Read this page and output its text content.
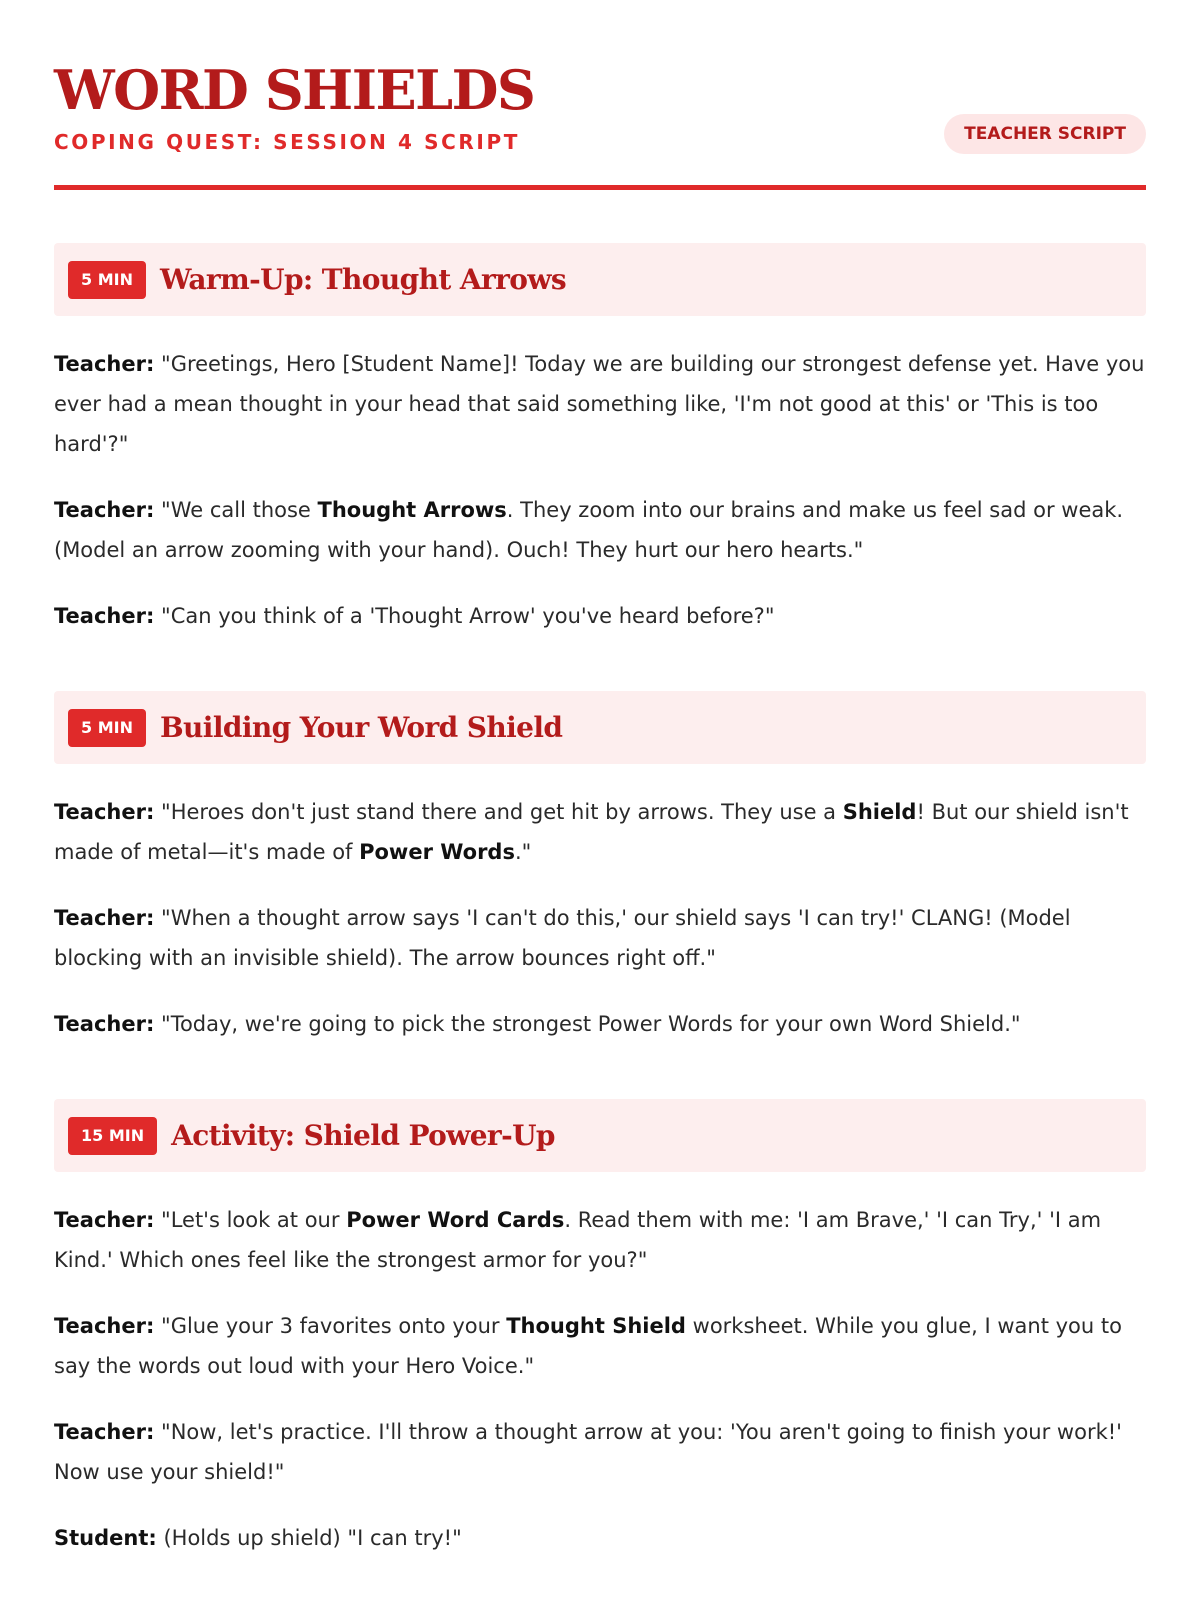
WORD SHIELDS
COPING QUEST: SESSION 4 SCRIPT	TEACHER SCRIPT
5 MIN Warm-Up: Thought Arrows

Teacher: "Greetings, Hero [Student Name]! Today we are building our strongest defense yet. Have you ever had a mean thought in your head that said something like, 'I'm not good at this' or 'This is too hard'?"

Teacher: "We call those Thought Arrows. They zoom into our brains and make us feel sad or weak. (Model an arrow zooming with your hand). Ouch! They hurt our hero hearts."

Teacher: "Can you think of a 'Thought Arrow' you've heard before?"

5 MIN Building Your Word Shield

Teacher: "Heroes don't just stand there and get hit by arrows. They use a Shield! But our shield isn't made of metal—it's made of Power Words."

Teacher: "When a thought arrow says 'I can't do this,' our shield says 'I can try!' CLANG! (Model blocking with an invisible shield). The arrow bounces right off."

Teacher: "Today, we're going to pick the strongest Power Words for your own Word Shield."

15 MIN Activity: Shield Power-Up

Teacher: "Let's look at our Power Word Cards. Read them with me: 'I am Brave,' 'I can Try,' 'I am Kind.' Which ones feel like the strongest armor for you?"

Teacher: "Glue your 3 favorites onto your Thought Shield worksheet. While you glue, I want you to say the words out loud with your Hero Voice."

Teacher: "Now, let's practice. I'll throw a thought arrow at you: 'You aren't going to finish your work!' Now use your shield!"

Student: (Holds up shield) "I can try!"
